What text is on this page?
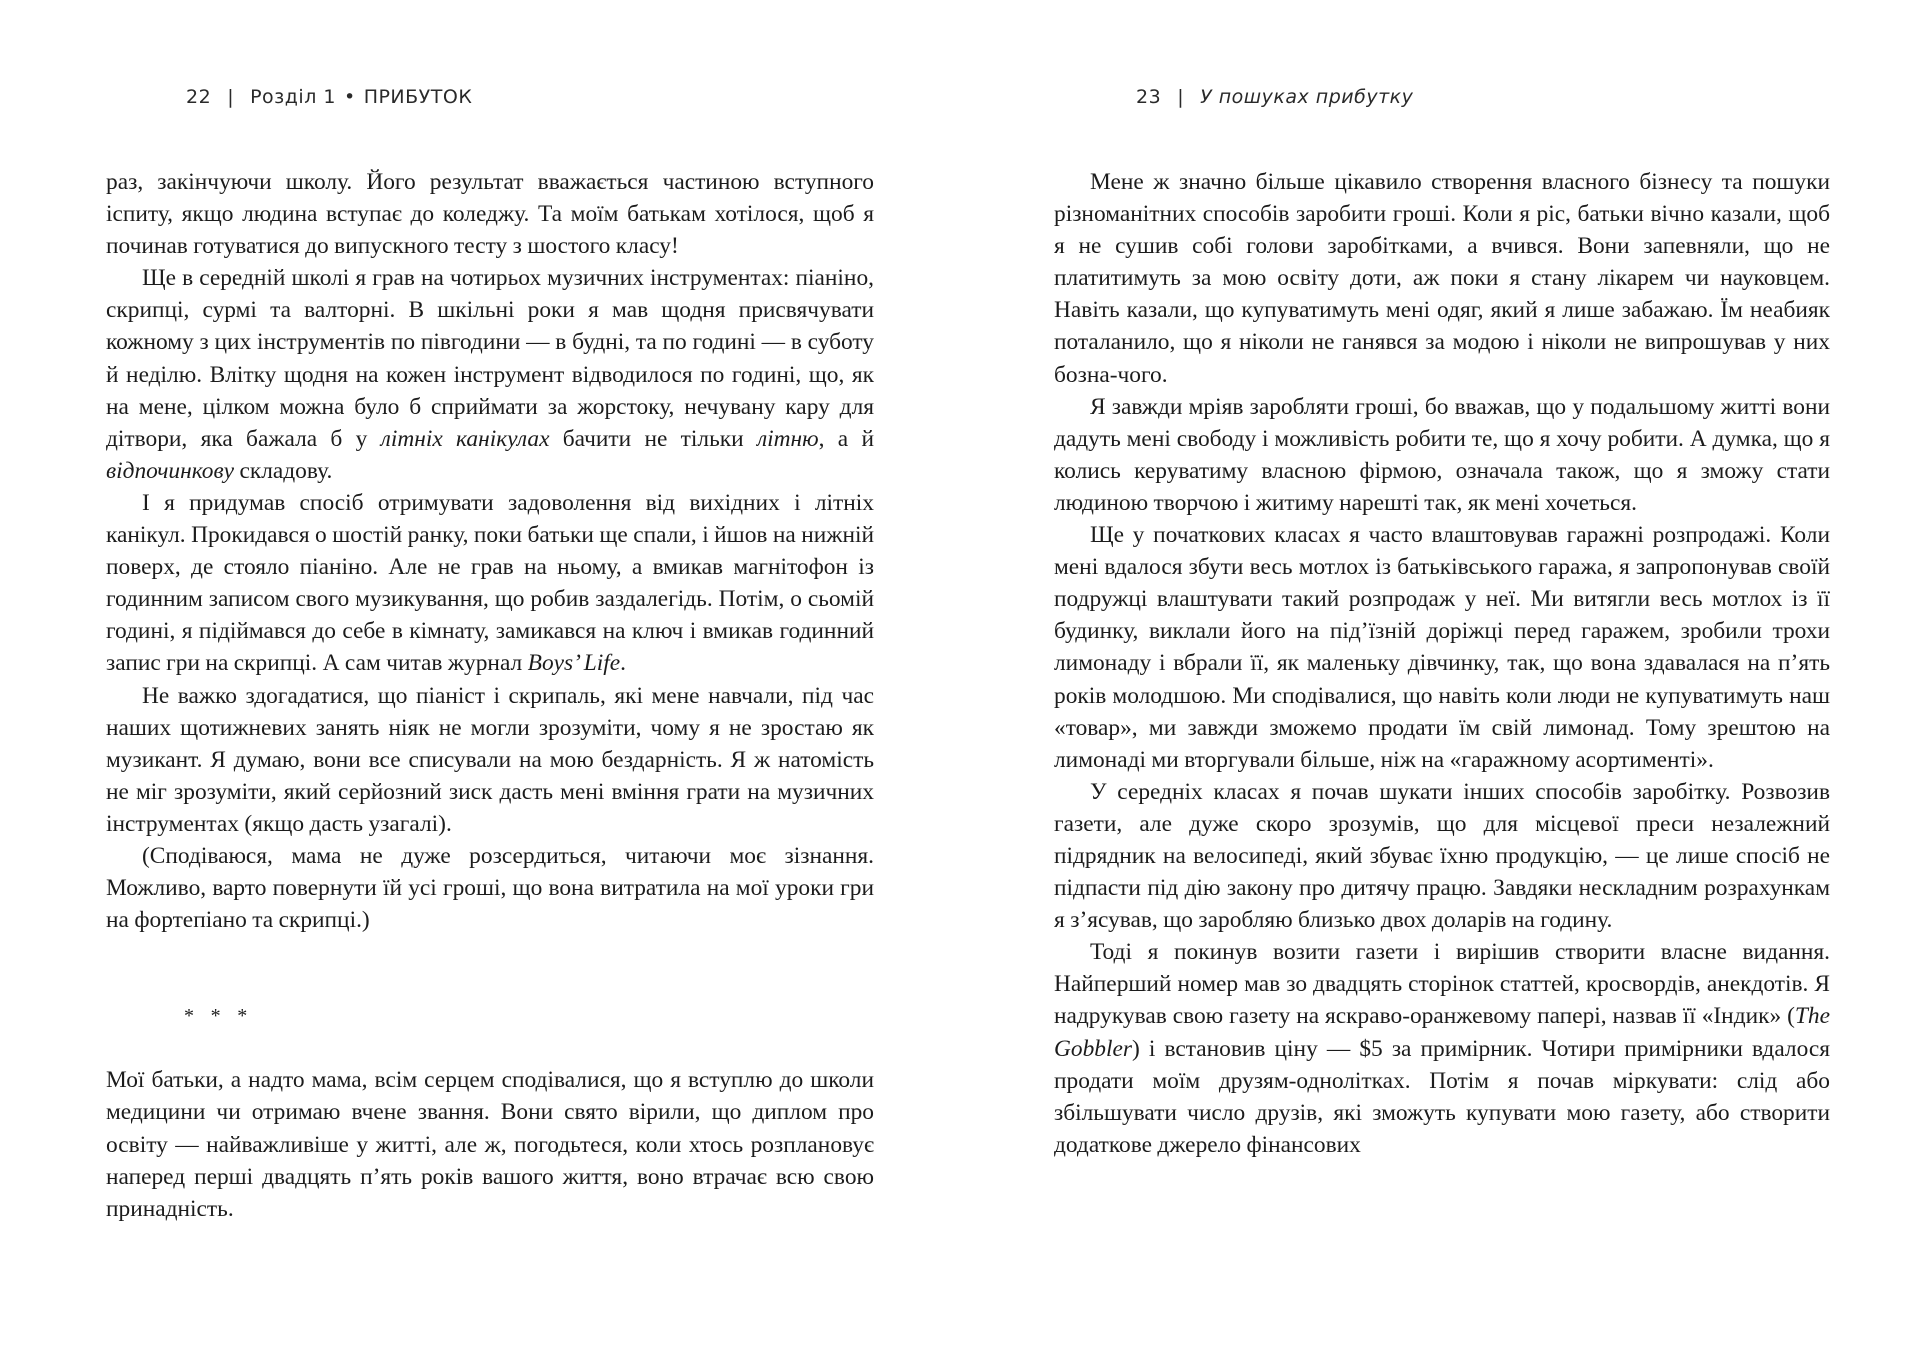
22 | Розділ 1 • ПРИБУТОК

раз, закінчуючи школу. Його результат вважається частиною вступного іспиту, якщо людина вступає до коледжу. Та моїм батькам хотілося, щоб я починав готуватися до випускного тесту з шостого класу!

Ще в середній школі я грав на чотирьох музичних інструментах: піаніно, скрипці, сурмі та валторні. В шкільні роки я мав щодня присвячувати кожному з цих інструментів по півгодини — в будні, та по годині — в суботу й неділю. Влітку щодня на кожен інструмент відводилося по годині, що, як на мене, цілком можна було б сприймати за жорстоку, нечувану кару для дітвори, яка бажала б у літніх канікулах бачити не тільки літню, а й відпочинкову складову.

І я придумав спосіб отримувати задоволення від вихідних і літніх канікул. Прокидався о шостій ранку, поки батьки ще спали, і йшов на нижній поверх, де стояло піаніно. Але не грав на ньому, а вмикав магнітофон із годинним записом свого музикування, що робив заздалегідь. Потім, о сьомій годині, я підіймався до себе в кімнату, замикався на ключ і вмикав годинний запис гри на скрипці. А сам читав журнал Boys’ Life.

Не важко здогадатися, що піаніст і скрипаль, які мене навчали, під час наших щотижневих занять ніяк не могли зрозуміти, чому я не зростаю як музикант. Я думаю, вони все списували на мою бездарність. Я ж натомість не міг зрозуміти, який серйозний зиск дасть мені вміння грати на музичних інструментах (якщо дасть узагалі).

(Сподіваюся, мама не дуже розсердиться, читаючи моє зізнання. Можливо, варто повернути їй усі гроші, що вона витратила на мої уроки гри на фортепіано та скрипці.)

* * *

Мої батьки, а надто мама, всім серцем сподівалися, що я вступлю до школи медицини чи отримаю вчене звання. Вони свято вірили, що диплом про освіту — найважливіше у житті, але ж, погодьтеся, коли хтось розплановує наперед перші двадцять п’ять років вашого життя, воно втрачає всю свою принадність.

23 | У пошуках прибутку

Мене ж значно більше цікавило створення власного бізнесу та пошуки різноманітних способів заробити гроші. Коли я ріс, батьки вічно казали, щоб я не сушив собі голови заробітками, а вчився. Вони запевняли, що не платитимуть за мою освіту доти, аж поки я стану лікарем чи науковцем. Навіть казали, що купуватимуть мені одяг, який я лише забажаю. Їм неабияк поталанило, що я ніколи не ганявся за модою і ніколи не випрошував у них бозна-чого.

Я завжди мріяв заробляти гроші, бо вважав, що у подальшому житті вони дадуть мені свободу і можливість робити те, що я хочу робити. А думка, що я колись керуватиму власною фірмою, означала також, що я зможу стати людиною творчою і житиму нарешті так, як мені хочеться.

Ще у початкових класах я часто влаштовував гаражні розпродажі. Коли мені вдалося збути весь мотлох із батьківського гаража, я запропонував своїй подружці влаштувати такий розпродаж у неї. Ми витягли весь мотлох із її будинку, виклали його на під’їзній доріжці перед гаражем, зробили трохи лимонаду і вбрали її, як маленьку дівчинку, так, що вона здавалася на п’ять років молодшою. Ми сподівалися, що навіть коли люди не купуватимуть наш «товар», ми завжди зможемо продати їм свій лимонад. Тому зрештою на лимонаді ми вторгували більше, ніж на «гаражному асортименті».

У середніх класах я почав шукати інших способів заробітку. Розвозив газети, але дуже скоро зрозумів, що для місцевої преси незалежний підрядник на велосипеді, який збуває їхню продукцію, — це лише спосіб не підпасти під дію закону про дитячу працю. Завдяки нескладним розрахункам я з’ясував, що заробляю близько двох доларів на годину.

Тоді я покинув возити газети і вирішив створити власне видання. Найперший номер мав зо двадцять сторінок статтей, кросвордів, анекдотів. Я надрукував свою газету на яскраво-оранжевому папері, назвав її «Індик» (The Gobbler) і встановив ціну — $5 за примірник. Чотири примірники вдалося продати моїм друзям-однолітках. Потім я почав міркувати: слід або збільшувати число друзів, які зможуть купувати мою газету, або створити додаткове джерело фінансових
